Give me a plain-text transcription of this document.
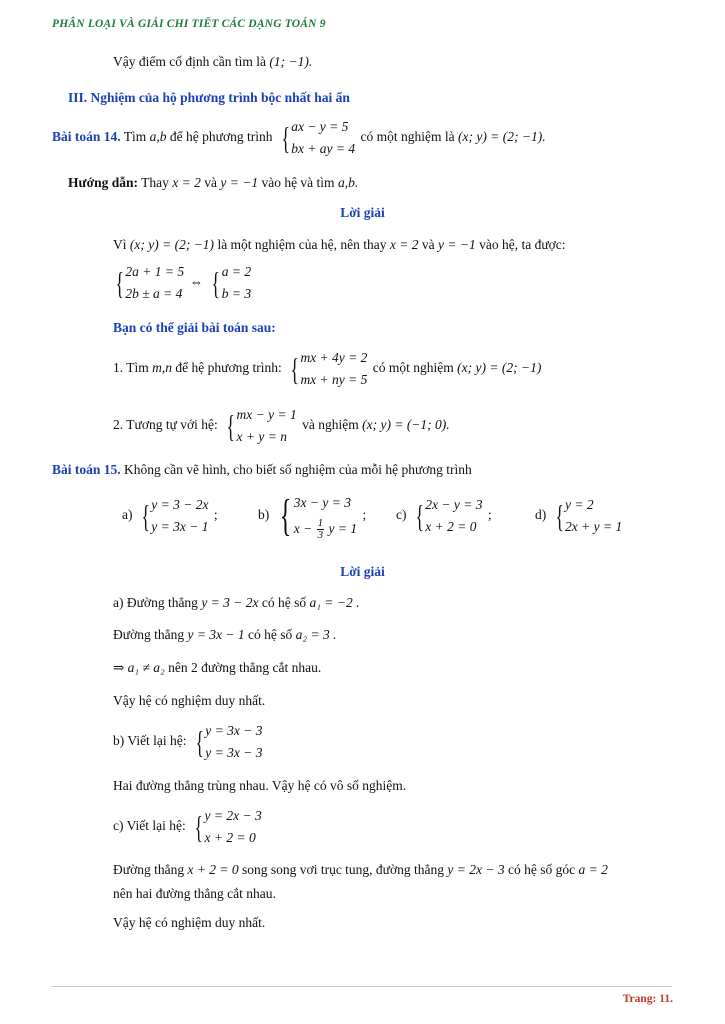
PHÂN LOẠI VÀ GIẢI CHI TIẾT CÁC DẠNG TOÁN 9
Vậy điểm cố định cần tìm là (1; −1).
III. Nghiệm của hộ phương trình bộc nhất hai ẩn
Bài toán 14. Tìm a,b để hệ phương trình { ax − y = 5
bx + ay = 4
có một nghiệm là (x; y) = (2; −1).
Hướng dẫn: Thay x = 2 và y = −1 vào hệ và tìm a,b.
Lời giải
Vì (x; y) = (2; −1) là một nghiệm của hệ, nên thay x = 2 và y = −1 vào hệ, ta được:
{ 2a + 1 = 5
2b ± a = 4
⇔ { a = 2
b = 3
Bạn có thể giải bài toán sau:
1. Tìm m,n để hệ phương trình: { mx + 4y = 2
mx + ny = 5
có một nghiệm (x; y) = (2; −1)
2. Tương tự với hệ: { mx − y = 1
x + y = n
và nghiệm (x; y) = (−1; 0).
Bài toán 15. Không cần vẽ hình, cho biết số nghiệm của mỗi hệ phương trình
a) { y = 3 − 2x
y = 3x − 1
;	b) { 3x − y = 3
$x - \frac{1}{3}$ y = 1
; c) { 2x − y = 3
x + 2 = 0
;	d) { y = 2
2x + y = 1
Lời giải
a) Đường thẳng y = 3 − 2x có hệ số a₁ = −2 .
Đường thẳng y = 3x − 1 có hệ số a₂ = 3 .
⇒ a₁ ≠ a₂ nên 2 đường thẳng cắt nhau.
Vậy hệ có nghiệm duy nhất.
b) Viết lại hệ: { y = 3x − 3
y = 3x − 3
Hai đường thẳng trùng nhau. Vậy hệ có vô số nghiệm.
c) Viết lại hệ: { y = 2x − 3
x + 2 = 0
Đường thẳng x + 2 = 0 song song vơi trục tung, đường thẳng y = 2x − 3 có hệ số góc a = 2
nên hai đường thẳng cắt nhau.
Vậy hệ có nghiệm duy nhất.
Trang: 11.
